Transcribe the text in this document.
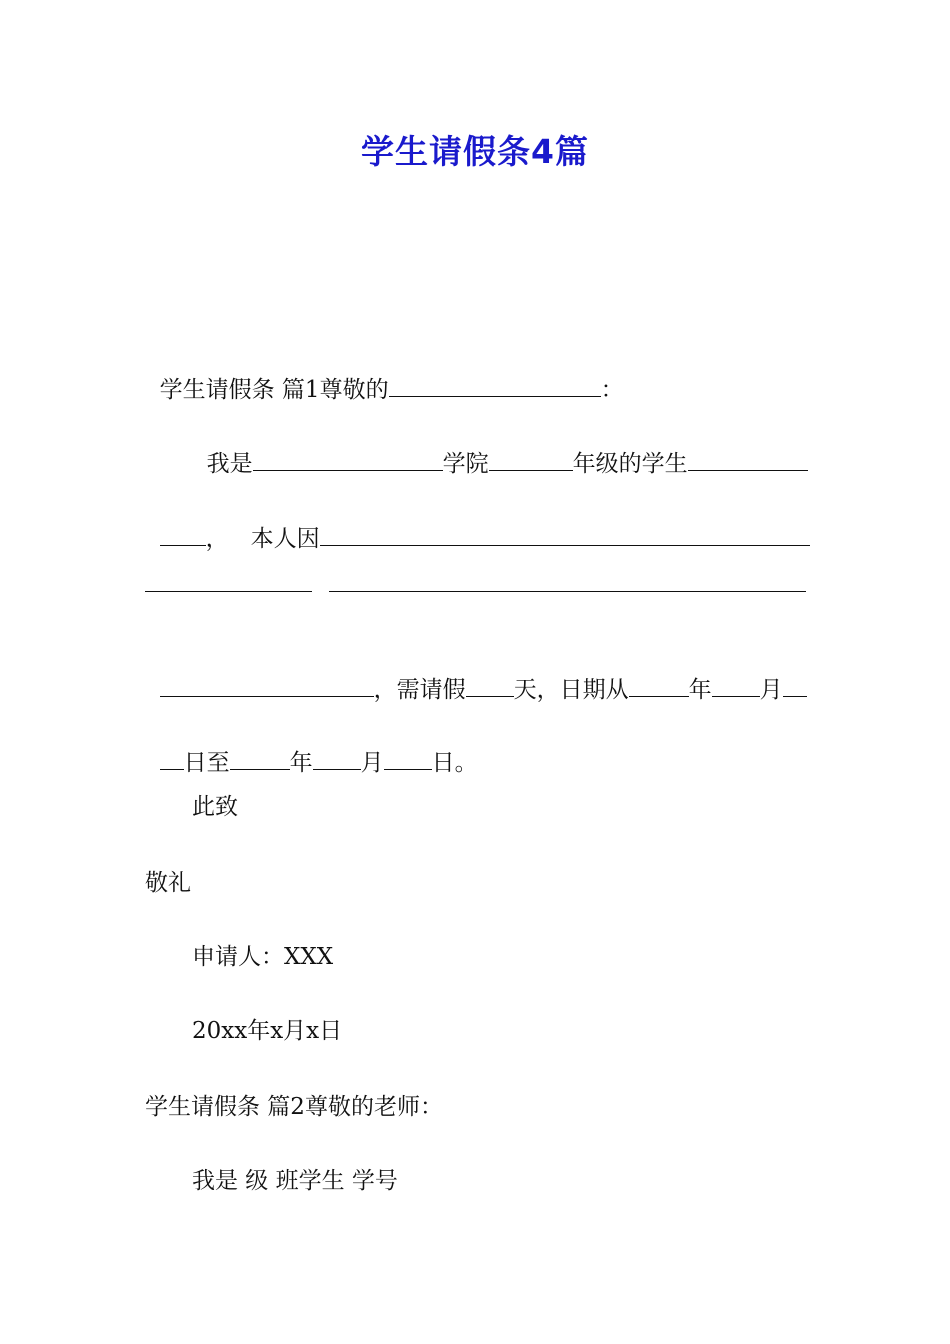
学生请假条4篇

学生请假条 篇1尊敬的	：

我是	学院	年级的学生

， 本人因

，需请假 天，日期从	年 月

日至	年 月 日。

此致
敬礼
申请人：XXX
20xx年x月x日
学生请假条 篇2尊敬的老师：
我是 级 班学生 学号
